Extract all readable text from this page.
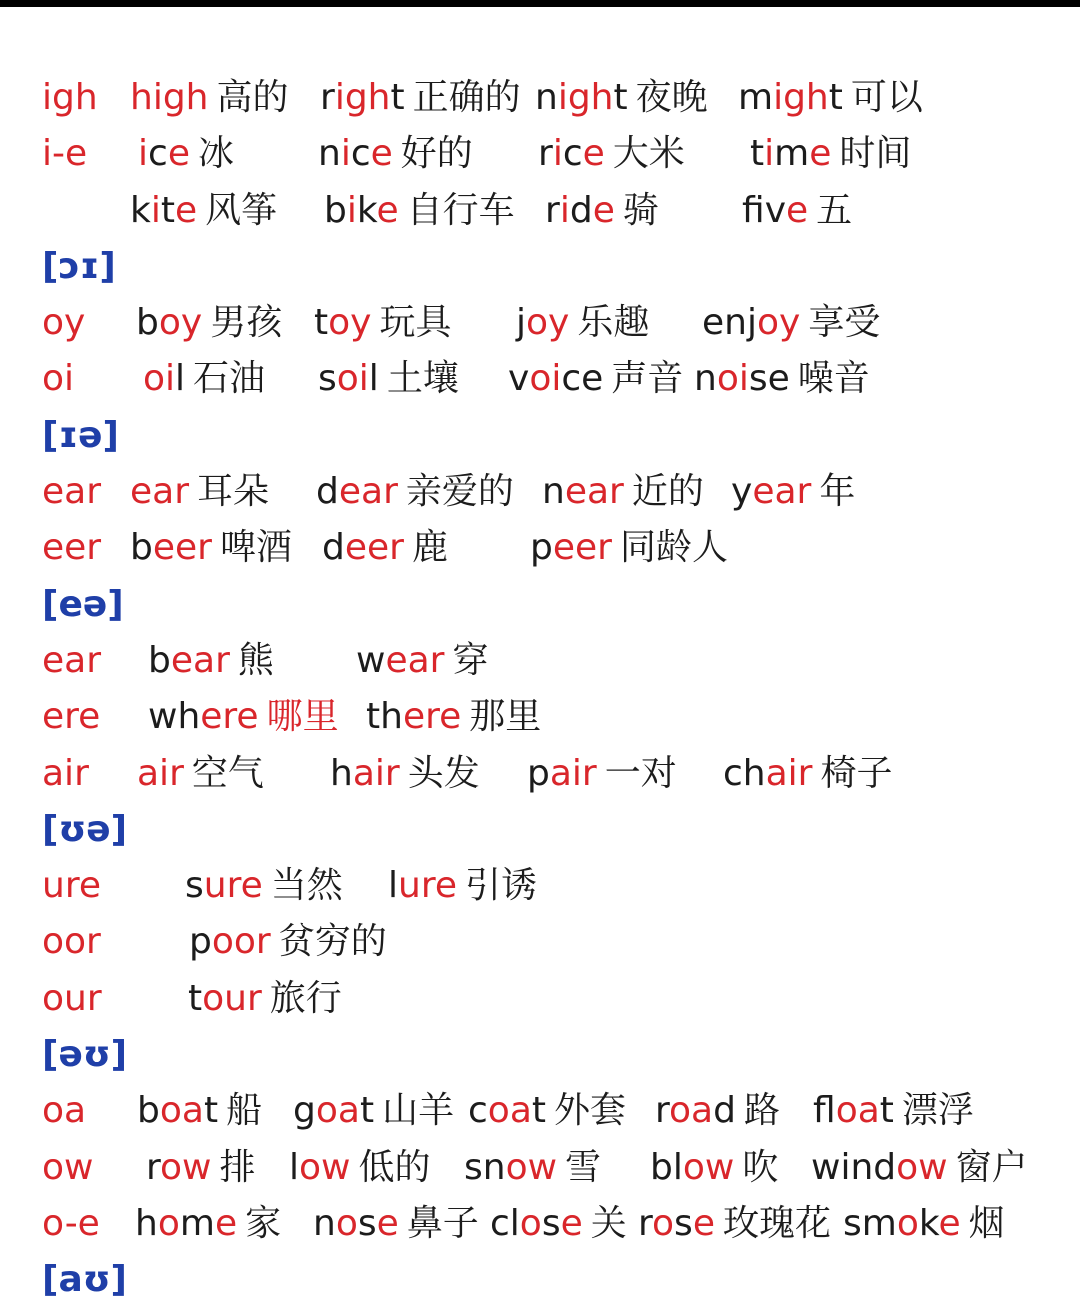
igh high 高的 right 正确的 night 夜晚 might 可以
i-e ice 冰 nice 好的 rice 大米 time 时间
kite 风筝 bike 自行车 ride 骑 fve 五
[ɔɪ]
oy boy 男孩 toy 玩具 joy 乐趣 enjoy 享受
oi oil 石油 soil 土壤 voice 声音 noise 噪音
[ɪə]
ear ear 耳朵 dear 亲爱的 near 近的 year 年
eer beer 啤酒 deer 鹿 peer 同龄人
[eə]
ear bear 熊 wear 穿
ere where 哪里 there 那里
air air 空气 hair 头发 pair 一对 chair 椅子
[ʊə]
ure sure 当然 lure 引诱
oor poor 贫穷的
our tour 旅行
[əʊ]
oa boat 船 goat 山羊 coat 外套 road 路 float 漂浮
ow row 排 low 低的 snow 雪 blow 吹 window 窗户
o-e home 家 nose 鼻子 close 关 rose 玫瑰花 smoke 烟
[aʊ]
